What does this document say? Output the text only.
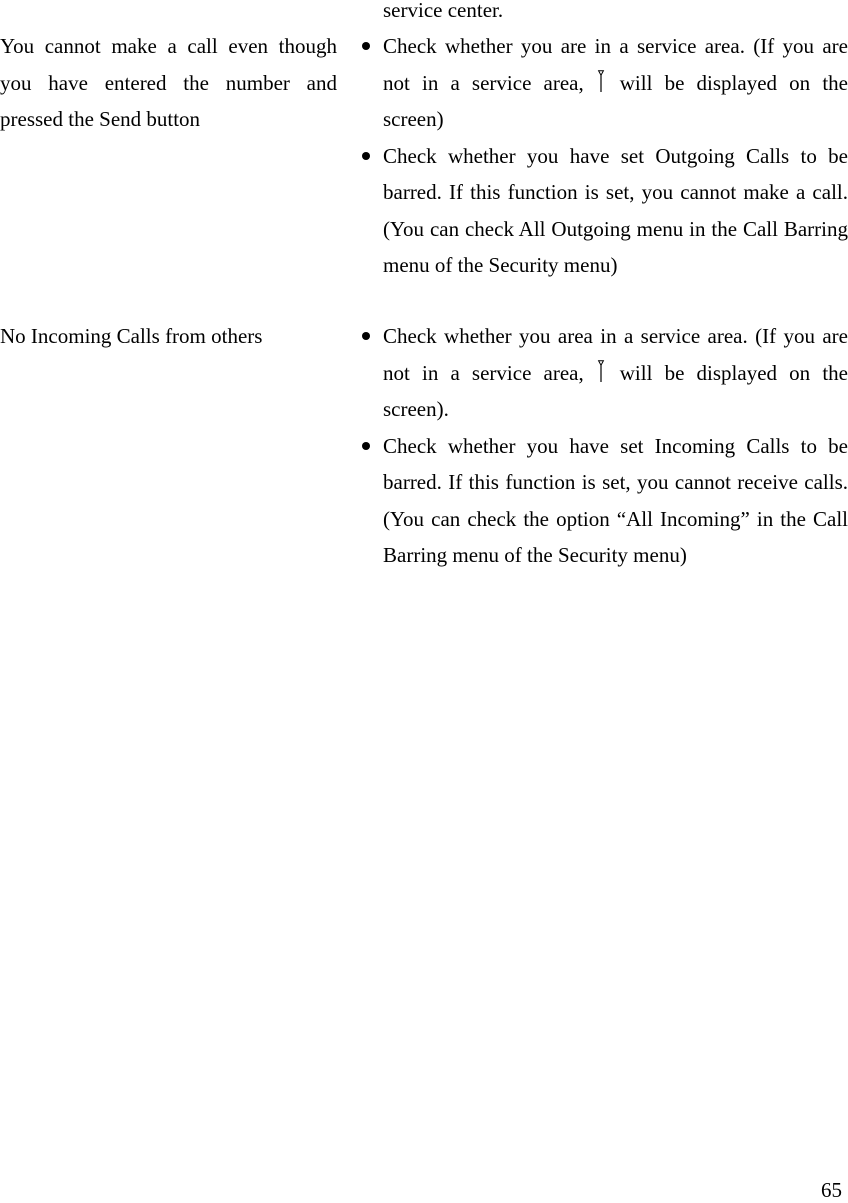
service center.

You cannot make a call even though you have entered the number and pressed the Send button

Check whether you are in a service area. (If you are not in a service area, will be displayed on the screen)
Check whether you have set Outgoing Calls to be barred. If this function is set, you cannot make a call. (You can check All Outgoing menu in the Call Barring menu of the Security menu)

No Incoming Calls from others	Check whether you area in a service area. (If you are not in a service area, will be displayed on the screen).
Check whether you have set Incoming Calls to be barred. If this function is set, you cannot receive calls. (You can check the option “All Incoming” in the Call Barring menu of the Security menu)
65
